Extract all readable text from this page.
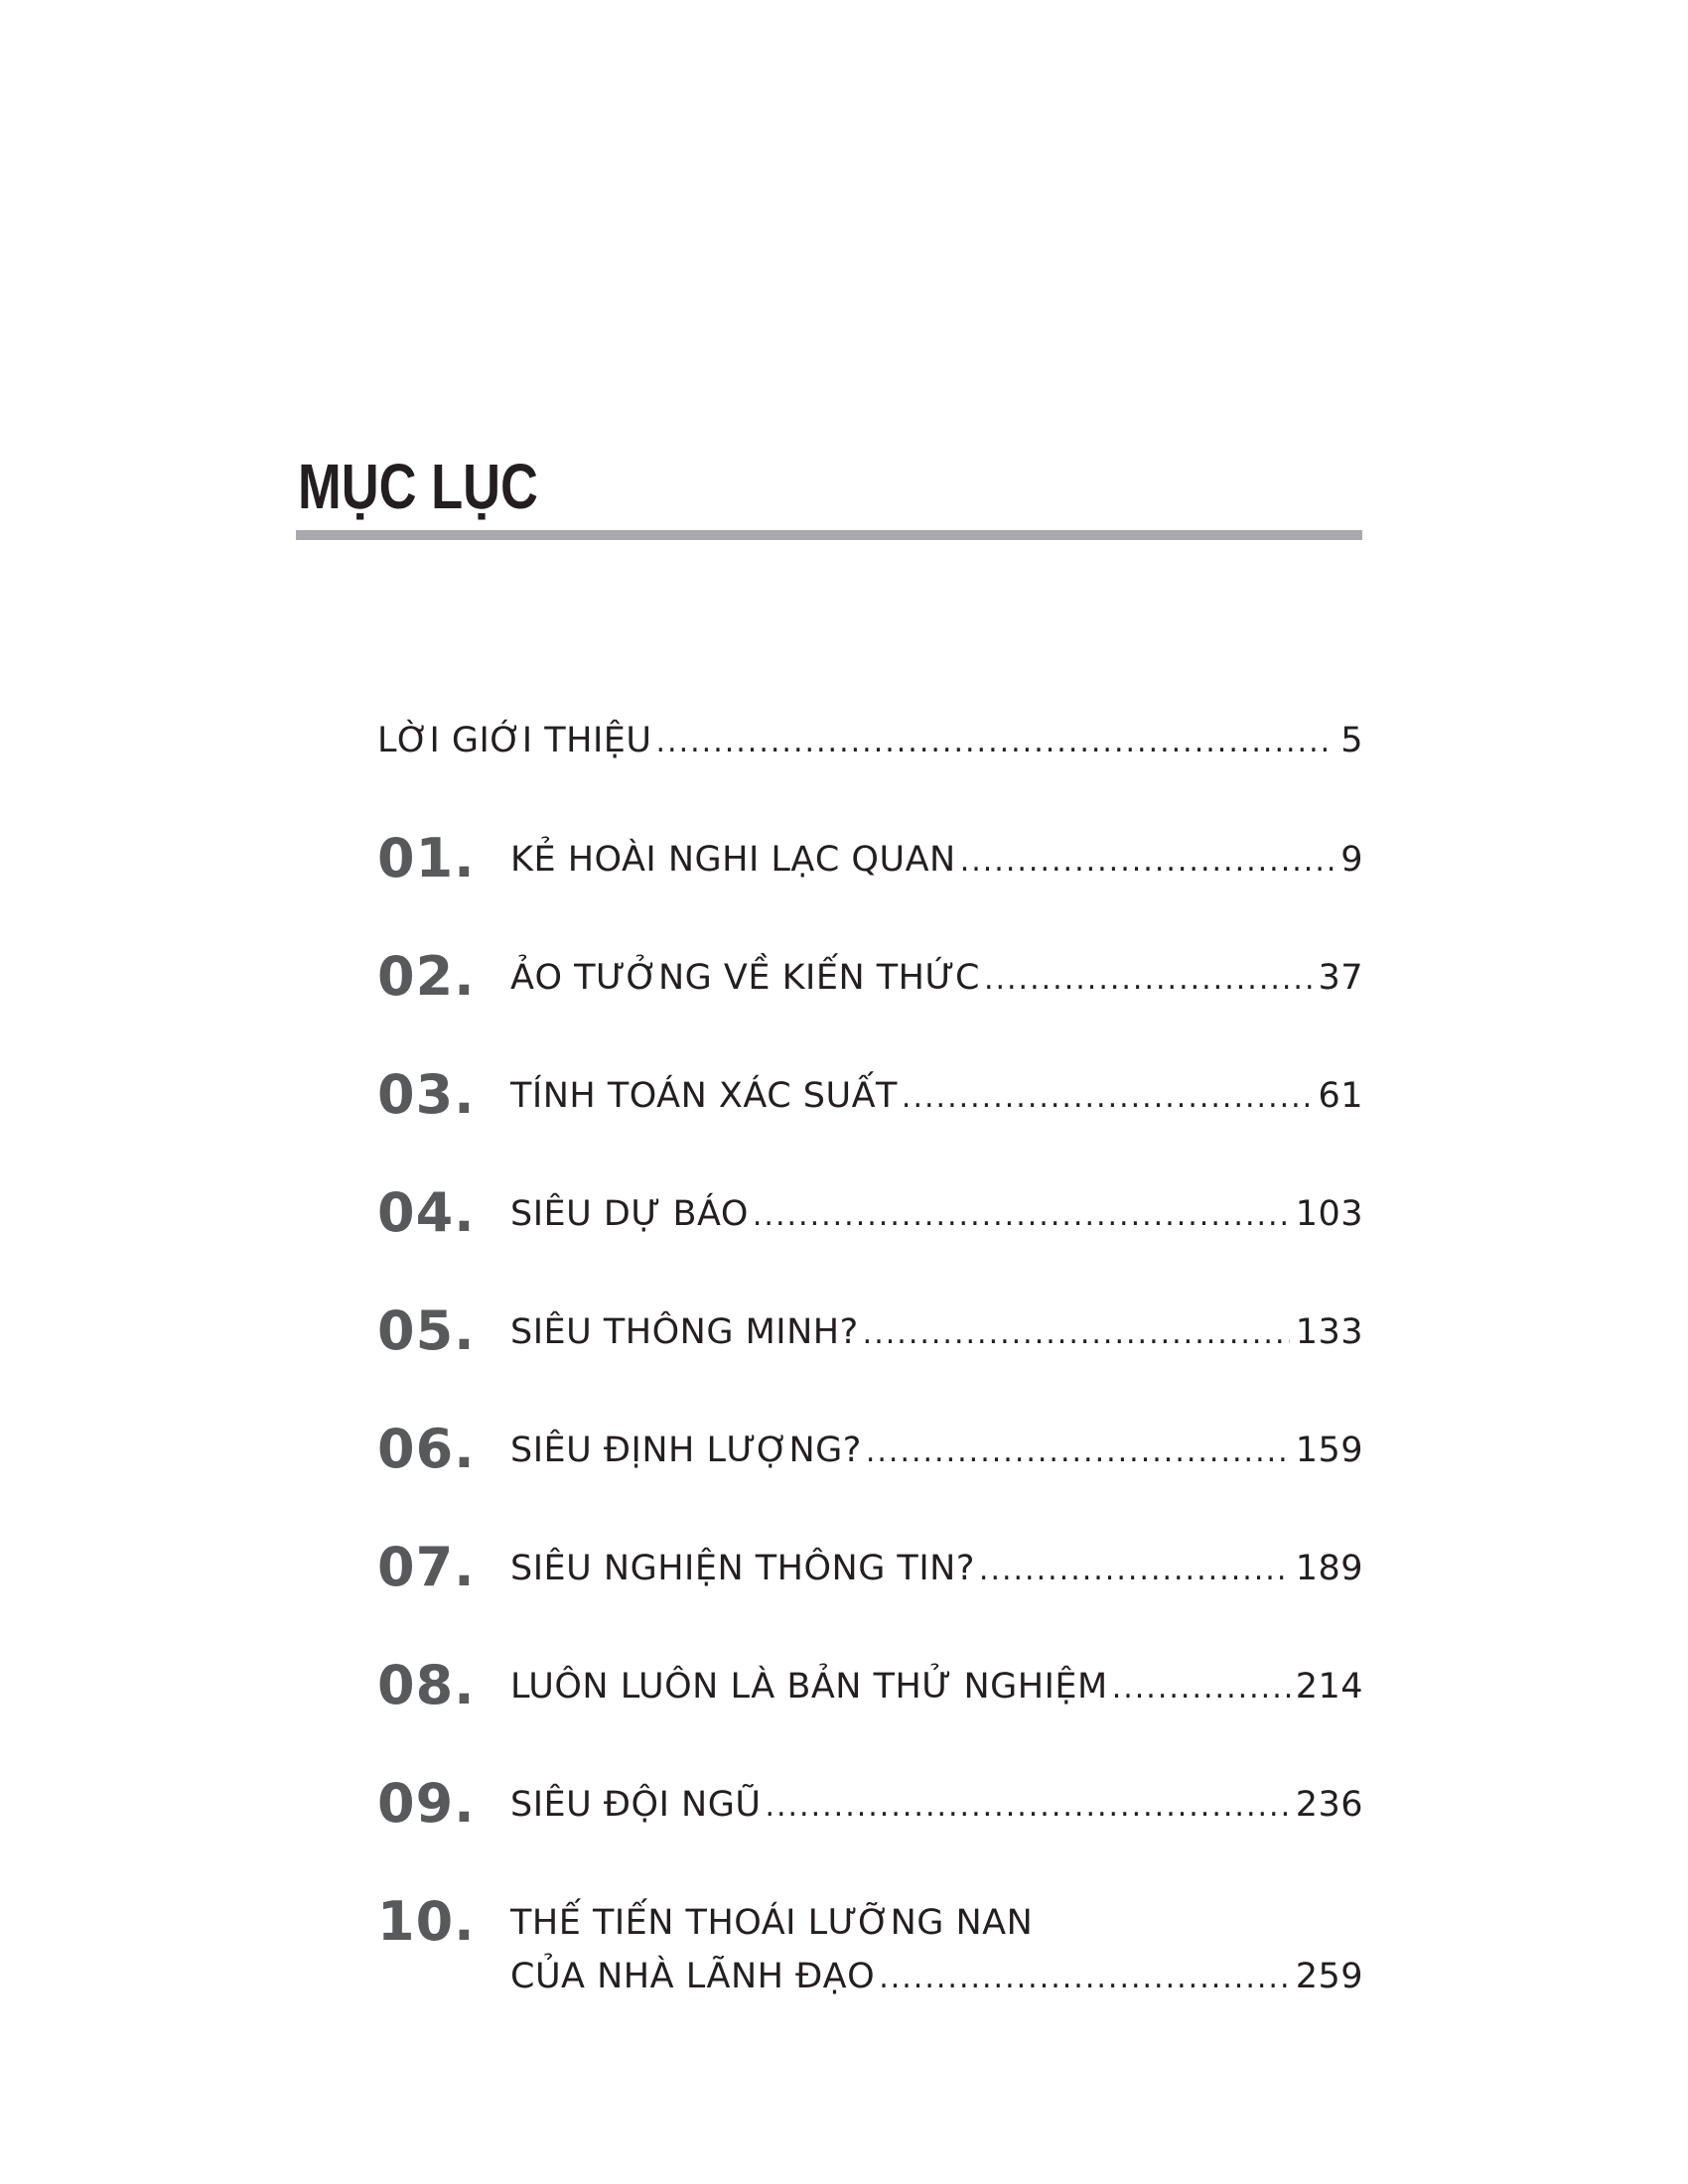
MỤC LỤC
LỜI GIỚI THIỆU .....	5
01. KẺ HOÀI NGHI LẠC QUAN .....	9
02. ẢO TƯỞNG VỀ KIẾN THỨC .....	37
03. TÍNH TOÁN XÁC SUẤT .....	61
04. SIÊU DỰ BÁO .....	103
05. SIÊU THÔNG MINH? .....	133
06. SIÊU ĐỊNH LƯỢNG? .....	159
07. SIÊU NGHIỆN THÔNG TIN? .....	189
08. LUÔN LUÔN LÀ BẢN THỬ NGHIỆM .....	214
09. SIÊU ĐỘI NGŨ .....	236
10. THẾ TIẾN THOÁI LƯỠNG NAN
CỦA NHÀ LÃNH ĐẠO .....	259
